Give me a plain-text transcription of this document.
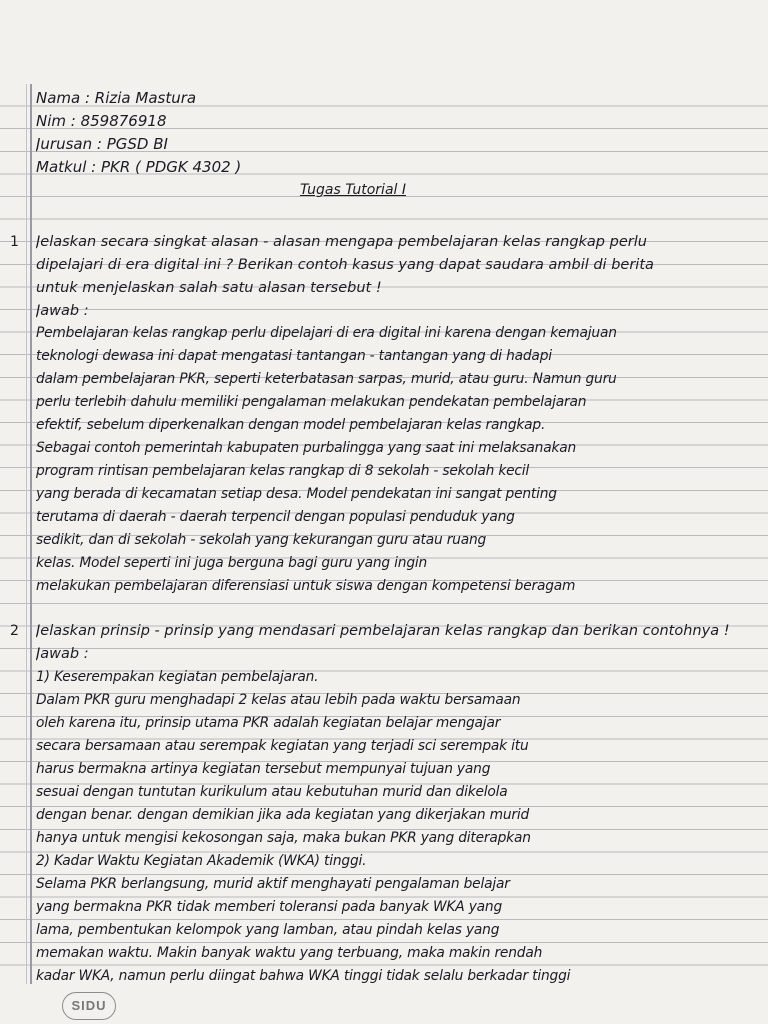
Nama : Rizia Mastura
Nim : 859876918
Jurusan : PGSD BI
Matkul : PKR ( PDGK 4302 )
Tugas Tutorial I
1 Jelaskan secara singkat alasan - alasan mengapa pembelajaran kelas rangkap perlu
dipelajari di era digital ini ? Berikan contoh kasus yang dapat saudara ambil di berita
untuk menjelaskan salah satu alasan tersebut !
Jawab :
Pembelajaran kelas rangkap perlu dipelajari di era digital ini karena dengan kemajuan
teknologi dewasa ini dapat mengatasi tantangan - tantangan yang di hadapi
dalam pembelajaran PKR, seperti keterbatasan sarpas, murid, atau guru. Namun guru
perlu terlebih dahulu memiliki pengalaman melakukan pendekatan pembelajaran
efektif, sebelum diperkenalkan dengan model pembelajaran kelas rangkap.
Sebagai contoh pemerintah kabupaten purbalingga yang saat ini melaksanakan
program rintisan pembelajaran kelas rangkap di 8 sekolah - sekolah kecil
yang berada di kecamatan setiap desa. Model pendekatan ini sangat penting
terutama di daerah - daerah terpencil dengan populasi penduduk yang
sedikit, dan di sekolah - sekolah yang kekurangan guru atau ruang
kelas. Model seperti ini juga berguna bagi guru yang ingin
melakukan pembelajaran diferensiasi untuk siswa dengan kompetensi beragam
2 Jelaskan prinsip - prinsip yang mendasari pembelajaran kelas rangkap dan berikan contohnya !
Jawab :
1) Keserempakan kegiatan pembelajaran.
Dalam PKR guru menghadapi 2 kelas atau lebih pada waktu bersamaan
oleh karena itu, prinsip utama PKR adalah kegiatan belajar mengajar
secara bersamaan atau serempak kegiatan yang terjadi sci serempak itu
harus bermakna artinya kegiatan tersebut mempunyai tujuan yang
sesuai dengan tuntutan kurikulum atau kebutuhan murid dan dikelola
dengan benar. dengan demikian jika ada kegiatan yang dikerjakan murid
hanya untuk mengisi kekosongan saja, maka bukan PKR yang diterapkan
2) Kadar Waktu Kegiatan Akademik (WKA) tinggi.
Selama PKR berlangsung, murid aktif menghayati pengalaman belajar
yang bermakna PKR tidak memberi toleransi pada banyak WKA yang
lama, pembentukan kelompok yang lamban, atau pindah kelas yang
memakan waktu. Makin banyak waktu yang terbuang, maka makin rendah
kadar WKA, namun perlu diingat bahwa WKA tinggi tidak selalu berkadar tinggi
SIDU
